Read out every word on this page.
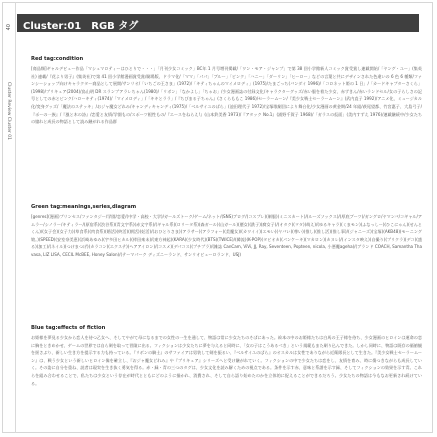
40
Cluster Review Cluster 01
Cluster:01　RGB タグ

Red tag:condition

[商品類]ギャルデビュー作品「マシュマロティーはひとりで・・・」「月刊少女コミック」BC年 1 月号増刊掲載/「ワン・モア・ジャンプ」で第 38 回小学館新人コミック賞受賞し連載開始/「ヤング・ユー」(集英社) 連載/『花より男子』(集英社)で第 41 回小学館漫画賞受賞/劇場版、ドラマ化/「ママ」「パパ」「ブルー」「ピンク」「ハニー」「ダーリン」「ヒーロー」などの言葉と共にデザインされた色違いの 6 色 6 種類/ファンシーショップ向けキャラクター商品として展開/サンリオ/「いちごの王さま」(1972)/「キティちゃんのマイメロディ」(1975)/たまごっち(バンダイ 1996)/「コロネット姫の 1 日」/「カードキャプターさくら」(1998)/プリキュア(2004)/鳥山明 DR スランプアラレちゃん(1980)/「リボン」「なかよし」「ちゃお」/少女漫画誌の付録文化/キャラクターグッズ/赤い服を着た少女、赤ずきん/赤いランドセル/女の子らしさの記号としての赤とピンク/ハローキティ(1974)/「マイメロディ」/「キキとララ」/『ちびまる子ちゃん』(さくらももこ 1986)/セーラームーン/『美少女戦士セーラームーン』(武内直子 1992)/アニメ化、ミュージカル化/変身グッズ/「魔法のステッキ」/おジャ魔女どれみ/キャンディキャンディ(1975)/「ベルサイユのばら」(池田理代子 1972)/宝塚歌劇団により舞台化/少女漫画の黄金期/24 年組/萩尾望都、竹宮惠子、大島弓子/『ポーの一族』/『風と木の詩』/恋愛と友情/学園もの/スポーツ根性もの/『エースをねらえ!』(山本鈴美香 1973)/『アタック No.1』(浦野千賀子 1968)/「ガラスの仮面」(美内すずえ 1976)/連載継続中/少女たちの憧れと成長の物語として読み継がれる作品群

Green tag:meanings,series,diagram

[genres](漫画)プリンセス/ファンタジー/学園/恋愛/(中学・高校・大学)/ガールズトーク/ゲーム/ネット/(SNS)ブログ/(コスプレ)(制服)(ミニスカート)/(ルーズソックス)/(厚底ブーツ)/ガングロ/ヤマンバ/コギャル/アムラー/シノラー/キティラー/(原宿系)(渋谷系)(青文字系)(赤文字系)/(ギャル系)(ロリータ系)(森ガール)(山ガール)(歴女)(鉄子)(腐女子)/(オタク)(ヲタ)(萌え)/(ゆるキャラ)(くまモン)(ふなっしー)(ひこにゃん)(せんとくん)/(女子会)(女子力)(草食系)(肉食系)(婚活)(終活)(朝活)(妊活)/(おひとりさま)(アラサー)(アラフォー)(美魔女)/(カワイイ)(エモい)(ヤバい)(尊い)(推し)(推し活)(推し事)/(ジャニーズ)(宝塚)(AKB48)(モーニング娘。)(SPEED)(安室奈美恵)(浜崎あゆみ)(宇多田ヒカル)(倖田來未)/(東方神起)(KARA)(少女時代)(BTS)(TWICE)/(韓流)(K-POP)(タピオカ)(パンケーキ)(マカロン)(カヌレ)/(インスタ映え)(自撮り)(プリクラ)(デコ)(盛る)(加工)/(ネイル)(つけまつげ)(カラコン)(エクステ)(ヘアアイロン)/(コスメ)(デパコス)(プチプラ)/(雑誌 CanCam, ViVi, JJ, Ray, Seventeen, Popteen, nicola, 小悪魔ageha)/(ブランド COACH, Samantha Thavasa, LIZ LISA, CECIL McBEE, Honey Salon)/(テーマパーク ディズニーランド、サンリオピューロランド、USJ)

Blue tag:effects of fiction

お姫様を夢見る少女から恋人を待つ乙女へ、そしてやがて母になるまでの女性の一生を通して、物語は常に少女たちのそばにあった。絵本の中のお姫様たちは白馬の王子様を待ち、少女漫画のヒロインは運命の恋に胸をときめかせ、ゲームの世界では自ら剣を取って冒険に出る。フィクションは少女たちに夢を与えると同時に、「女の子はこうあるべき」という規範もまた刷り込んできた。しかし同時に、物語は既存の価値観を揺さぶり、新しい生き方を提示する力も持っている。『リボンの騎士』のサファイアは男装して剣を振るい、『ベルサイユのばら』のオスカルは女性でありながら近衛隊長として生きた。『美少女戦士セーラームーン』は、戦う少女という新しいヒロイン像を確立し、『おジャ魔女どれみ』や『プリキュア』シリーズへと受け継がれていく。フィクションの中で少女たちは恋をし、友情を育み、時に傷つきながらも成長していく。その姿に自分を重ね、読者は現実を生き抜く勇気を得る。赤・緑・青の三つのタグは、少女文化を読み解くための視点である。条件を示す赤、意味と系譜を示す緑、そしてフィクションの効果を示す青。これらを組み合わせることで、私たちは少女という存在が時代とともにどのように描かれ、消費され、そして自ら語り始めたのかを立体的に捉えることができるだろう。少女たちの物語は今もなお更新され続けている。
